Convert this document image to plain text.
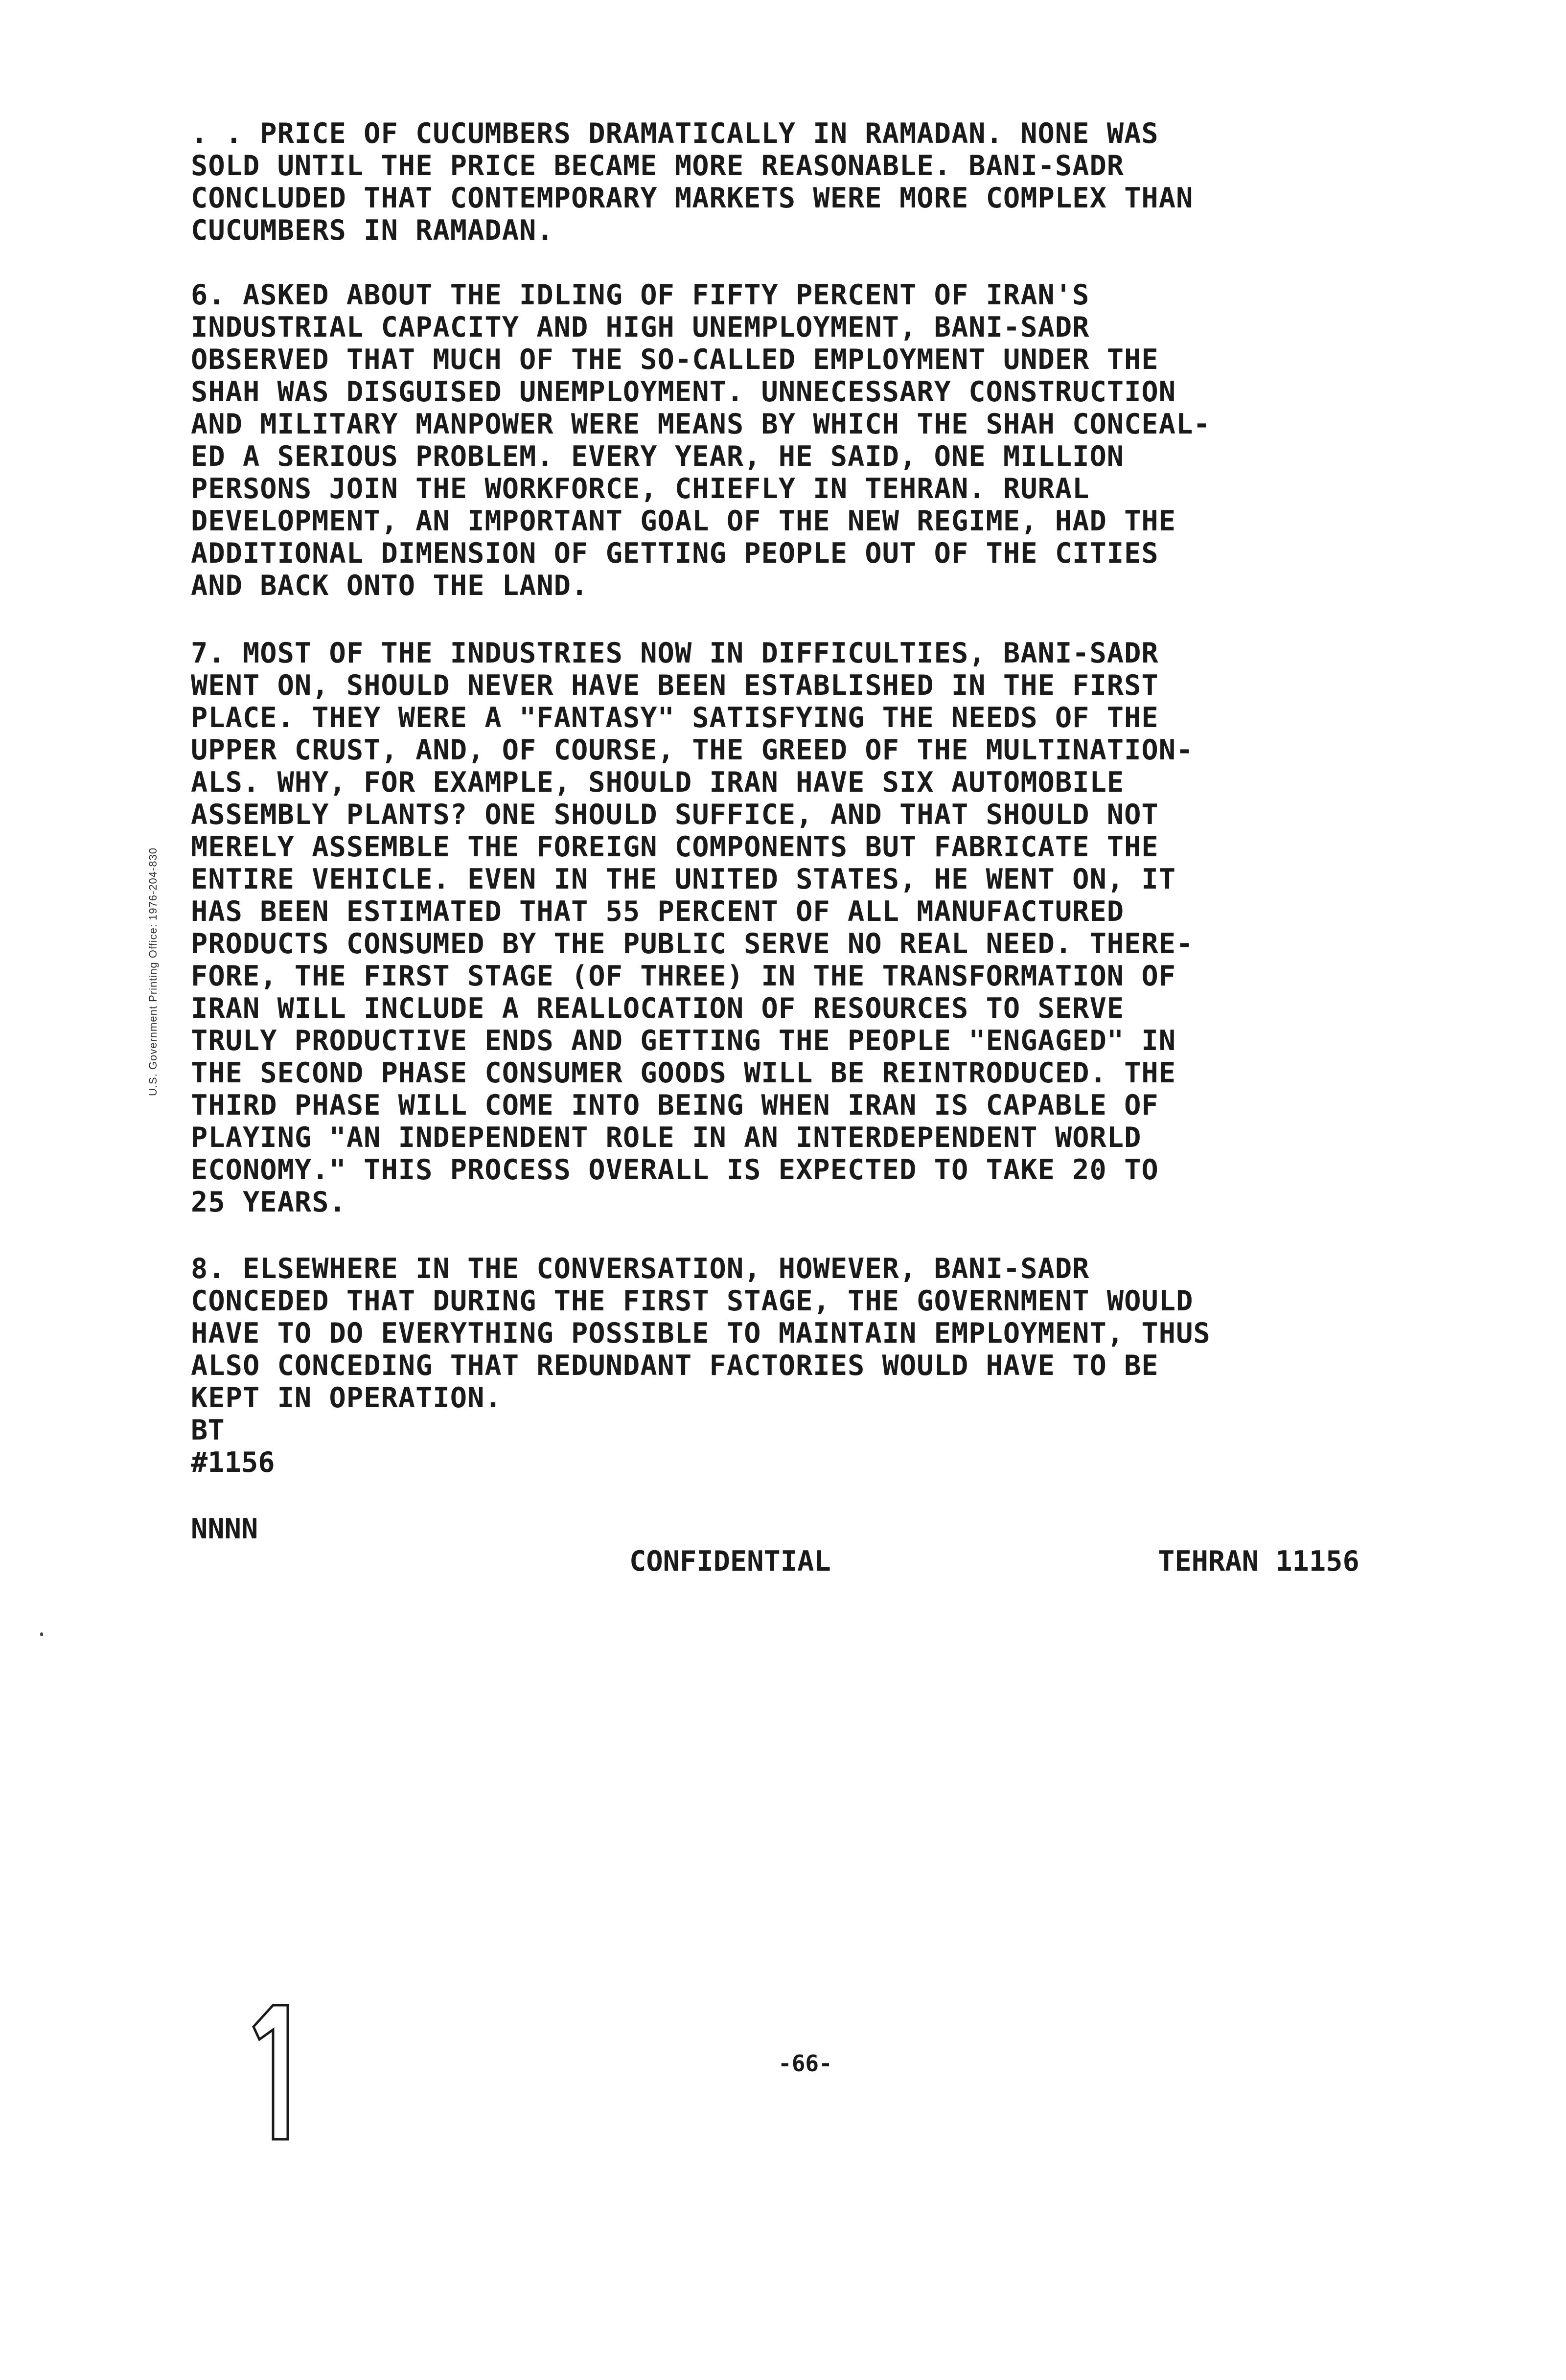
. . PRICE OF CUCUMBERS DRAMATICALLY IN RAMADAN. NONE WAS
SOLD UNTIL THE PRICE BECAME MORE REASONABLE. BANI-SADR
CONCLUDED THAT CONTEMPORARY MARKETS WERE MORE COMPLEX THAN
CUCUMBERS IN RAMADAN.
6. ASKED ABOUT THE IDLING OF FIFTY PERCENT OF IRAN'S
INDUSTRIAL CAPACITY AND HIGH UNEMPLOYMENT, BANI-SADR
OBSERVED THAT MUCH OF THE SO-CALLED EMPLOYMENT UNDER THE
SHAH WAS DISGUISED UNEMPLOYMENT. UNNECESSARY CONSTRUCTION
AND MILITARY MANPOWER WERE MEANS BY WHICH THE SHAH CONCEAL-
ED A SERIOUS PROBLEM. EVERY YEAR, HE SAID, ONE MILLION
PERSONS JOIN THE WORKFORCE, CHIEFLY IN TEHRAN. RURAL
DEVELOPMENT, AN IMPORTANT GOAL OF THE NEW REGIME, HAD THE
ADDITIONAL DIMENSION OF GETTING PEOPLE OUT OF THE CITIES
AND BACK ONTO THE LAND.
7. MOST OF THE INDUSTRIES NOW IN DIFFICULTIES, BANI-SADR
WENT ON, SHOULD NEVER HAVE BEEN ESTABLISHED IN THE FIRST
PLACE. THEY WERE A "FANTASY" SATISFYING THE NEEDS OF THE
UPPER CRUST, AND, OF COURSE, THE GREED OF THE MULTINATION-
ALS. WHY, FOR EXAMPLE, SHOULD IRAN HAVE SIX AUTOMOBILE
ASSEMBLY PLANTS? ONE SHOULD SUFFICE, AND THAT SHOULD NOT
MERELY ASSEMBLE THE FOREIGN COMPONENTS BUT FABRICATE THE
ENTIRE VEHICLE. EVEN IN THE UNITED STATES, HE WENT ON, IT
HAS BEEN ESTIMATED THAT 55 PERCENT OF ALL MANUFACTURED
PRODUCTS CONSUMED BY THE PUBLIC SERVE NO REAL NEED. THERE-
FORE, THE FIRST STAGE (OF THREE) IN THE TRANSFORMATION OF
IRAN WILL INCLUDE A REALLOCATION OF RESOURCES TO SERVE
TRULY PRODUCTIVE ENDS AND GETTING THE PEOPLE "ENGAGED" IN
THE SECOND PHASE CONSUMER GOODS WILL BE REINTRODUCED. THE
THIRD PHASE WILL COME INTO BEING WHEN IRAN IS CAPABLE OF
PLAYING "AN INDEPENDENT ROLE IN AN INTERDEPENDENT WORLD
ECONOMY." THIS PROCESS OVERALL IS EXPECTED TO TAKE 20 TO
25 YEARS.
8. ELSEWHERE IN THE CONVERSATION, HOWEVER, BANI-SADR
CONCEDED THAT DURING THE FIRST STAGE, THE GOVERNMENT WOULD
HAVE TO DO EVERYTHING POSSIBLE TO MAINTAIN EMPLOYMENT, THUS
ALSO CONCEDING THAT REDUNDANT FACTORIES WOULD HAVE TO BE
KEPT IN OPERATION.
BT
#1156
NNNN
CONFIDENTIAL	TEHRAN 11156
U.S. Government Printing Office: 1976-204-830
-66-
